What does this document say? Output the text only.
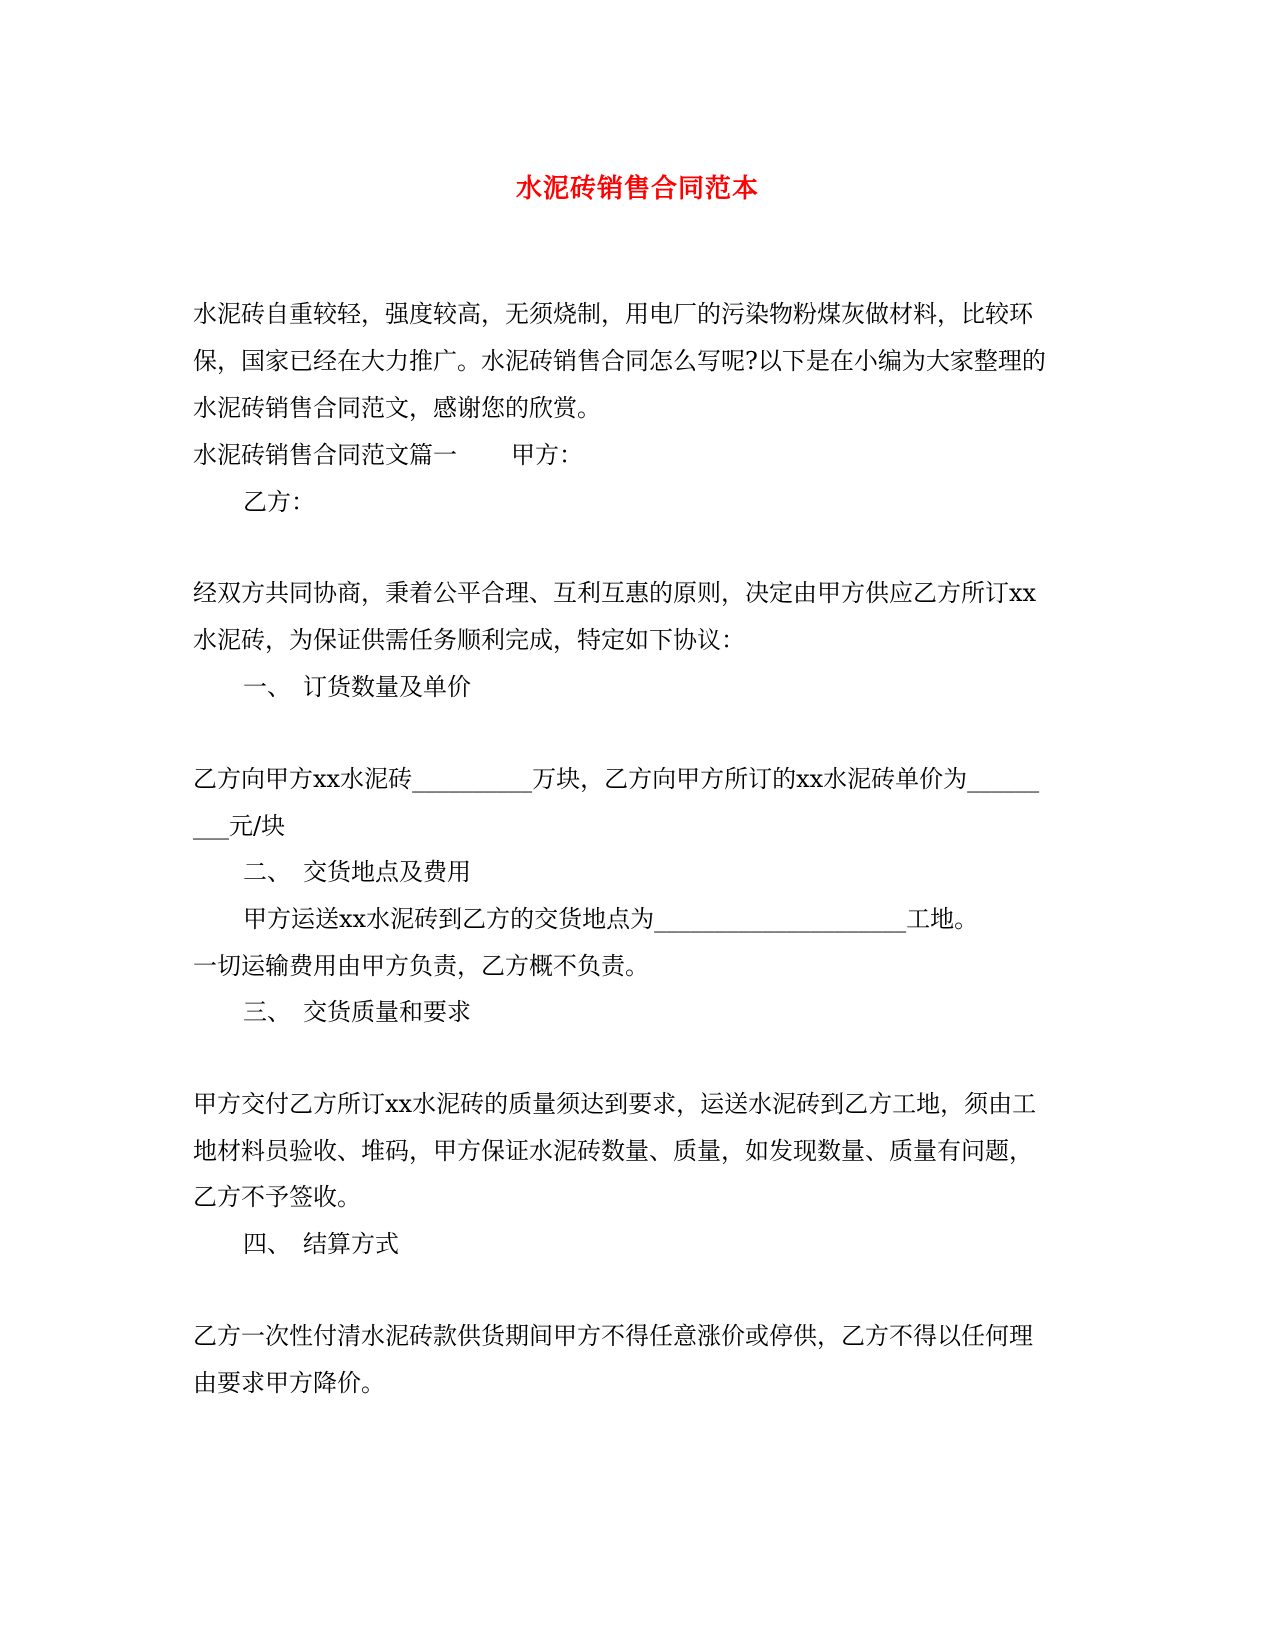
水泥砖销售合同范本
水泥砖自重较轻，强度较高，无须烧制，用电厂的污染物粉煤灰做材料，比较环
保，国家已经在大力推广。水泥砖销售合同怎么写呢?以下是在小编为大家整理的
水泥砖销售合同范文，感谢您的欣赏。
水泥砖销售合同范文篇一 甲方：
乙方：
经双方共同协商，秉着公平合理、互利互惠的原则，决定由甲方供应乙方所订xx
水泥砖，为保证供需任务顺利完成，特定如下协议：
一、 订货数量及单价
乙方向甲方xx水泥砖__________万块，乙方向甲方所订的xx水泥砖单价为______
___元/块
二、 交货地点及费用
甲方运送xx水泥砖到乙方的交货地点为_____________________工地。
一切运输费用由甲方负责，乙方概不负责。
三、 交货质量和要求
甲方交付乙方所订xx水泥砖的质量须达到要求，运送水泥砖到乙方工地，须由工
地材料员验收、堆码，甲方保证水泥砖数量、质量，如发现数量、质量有问题，
乙方不予签收。
四、 结算方式
乙方一次性付清水泥砖款供货期间甲方不得任意涨价或停供，乙方不得以任何理
由要求甲方降价。
